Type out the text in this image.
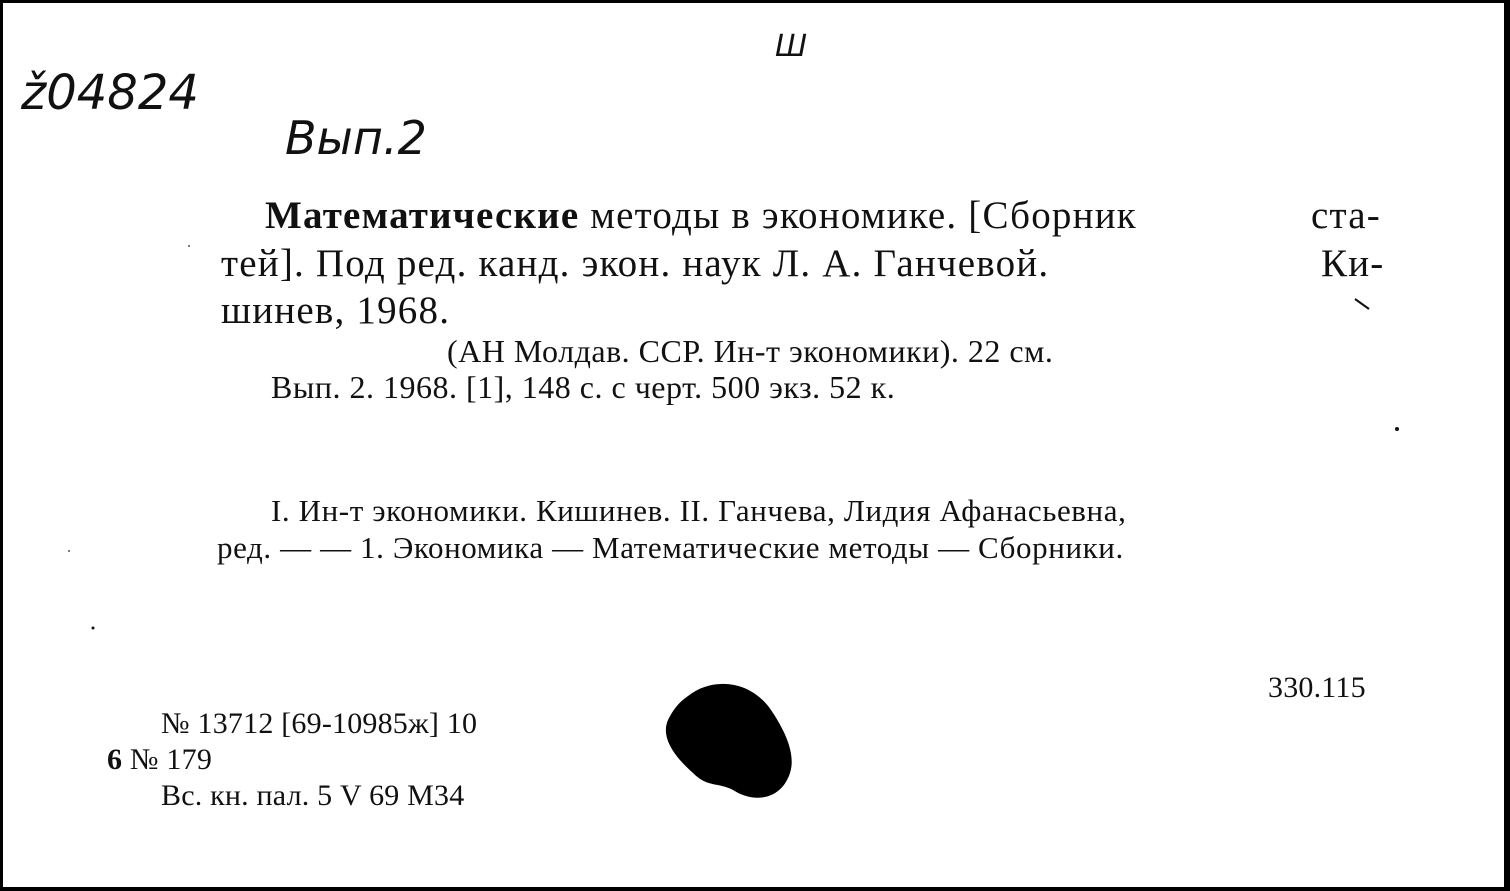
ž04824
Вып.2
Ш
Математические методы в экономике. [Сборник	ста-
тей]. Под ред. канд. экон. наук Л. А. Ганчевой.	Ки-
шинев, 1968.
(АН Молдав. ССР. Ин-т экономики). 22 см.
Вып. 2. 1968. [1], 148 с. с черт. 500 экз. 52 к.
I. Ин-т экономики. Кишинев. II. Ганчева, Лидия Афанасьевна,
ред. — — 1. Экономика — Математические методы — Сборники.
330.115
№ 13712 [69-10985ж] 10
6 № 179
Вс. кн. пал. 5 V 69 М34
